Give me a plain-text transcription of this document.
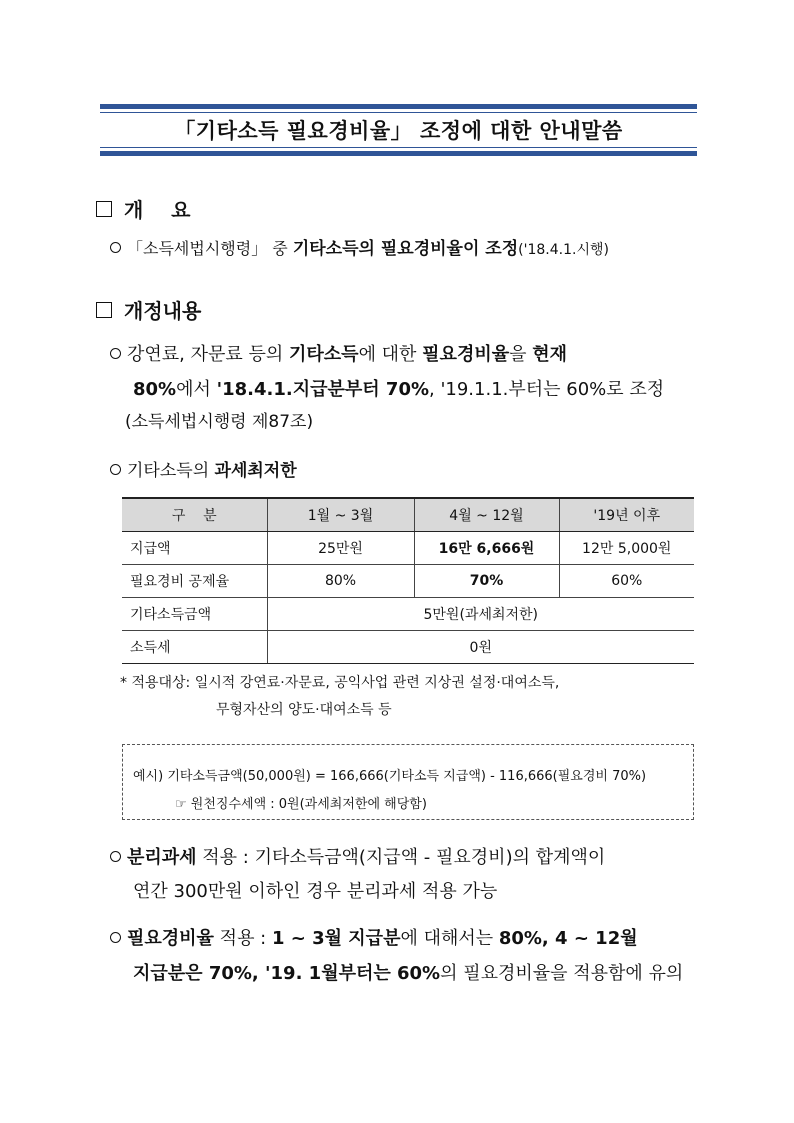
「기타소득 필요경비율」 조정에 대한 안내말씀
개    요
「소득세법시행령」 중 기타소득의 필요경비율이 조정('18.4.1.시행)
개정내용
강연료, 자문료 등의 기타소득에 대한 필요경비율을 현재
80%에서 '18.4.1.지급분부터 70%, '19.1.1.부터는 60%로 조정
(소득세법시행령 제87조)
기타소득의 과세최저한
구    분	1월 ~ 3월	4월 ~ 12월	'19년 이후
지급액	25만원	16만 6,666원	12만 5,000원
필요경비 공제율	80%	70%	60%
기타소득금액	5만원(과세최저한)		
소득세	0원		
* 적용대상: 일시적 강연료·자문료, 공익사업 관련 지상권 설정·대여소득,
무형자산의 양도·대여소득 등
예시) 기타소득금액(50,000원) = 166,666(기타소득 지급액) - 116,666(필요경비 70%)
☞ 원천징수세액 : 0원(과세최저한에 해당함)
분리과세 적용 : 기타소득금액(지급액 - 필요경비)의 합계액이
연간 300만원 이하인 경우 분리과세 적용 가능
필요경비율 적용 : 1 ~ 3월 지급분에 대해서는 80%, 4 ~ 12월
지급분은 70%, '19. 1월부터는 60%의 필요경비율을 적용함에 유의
